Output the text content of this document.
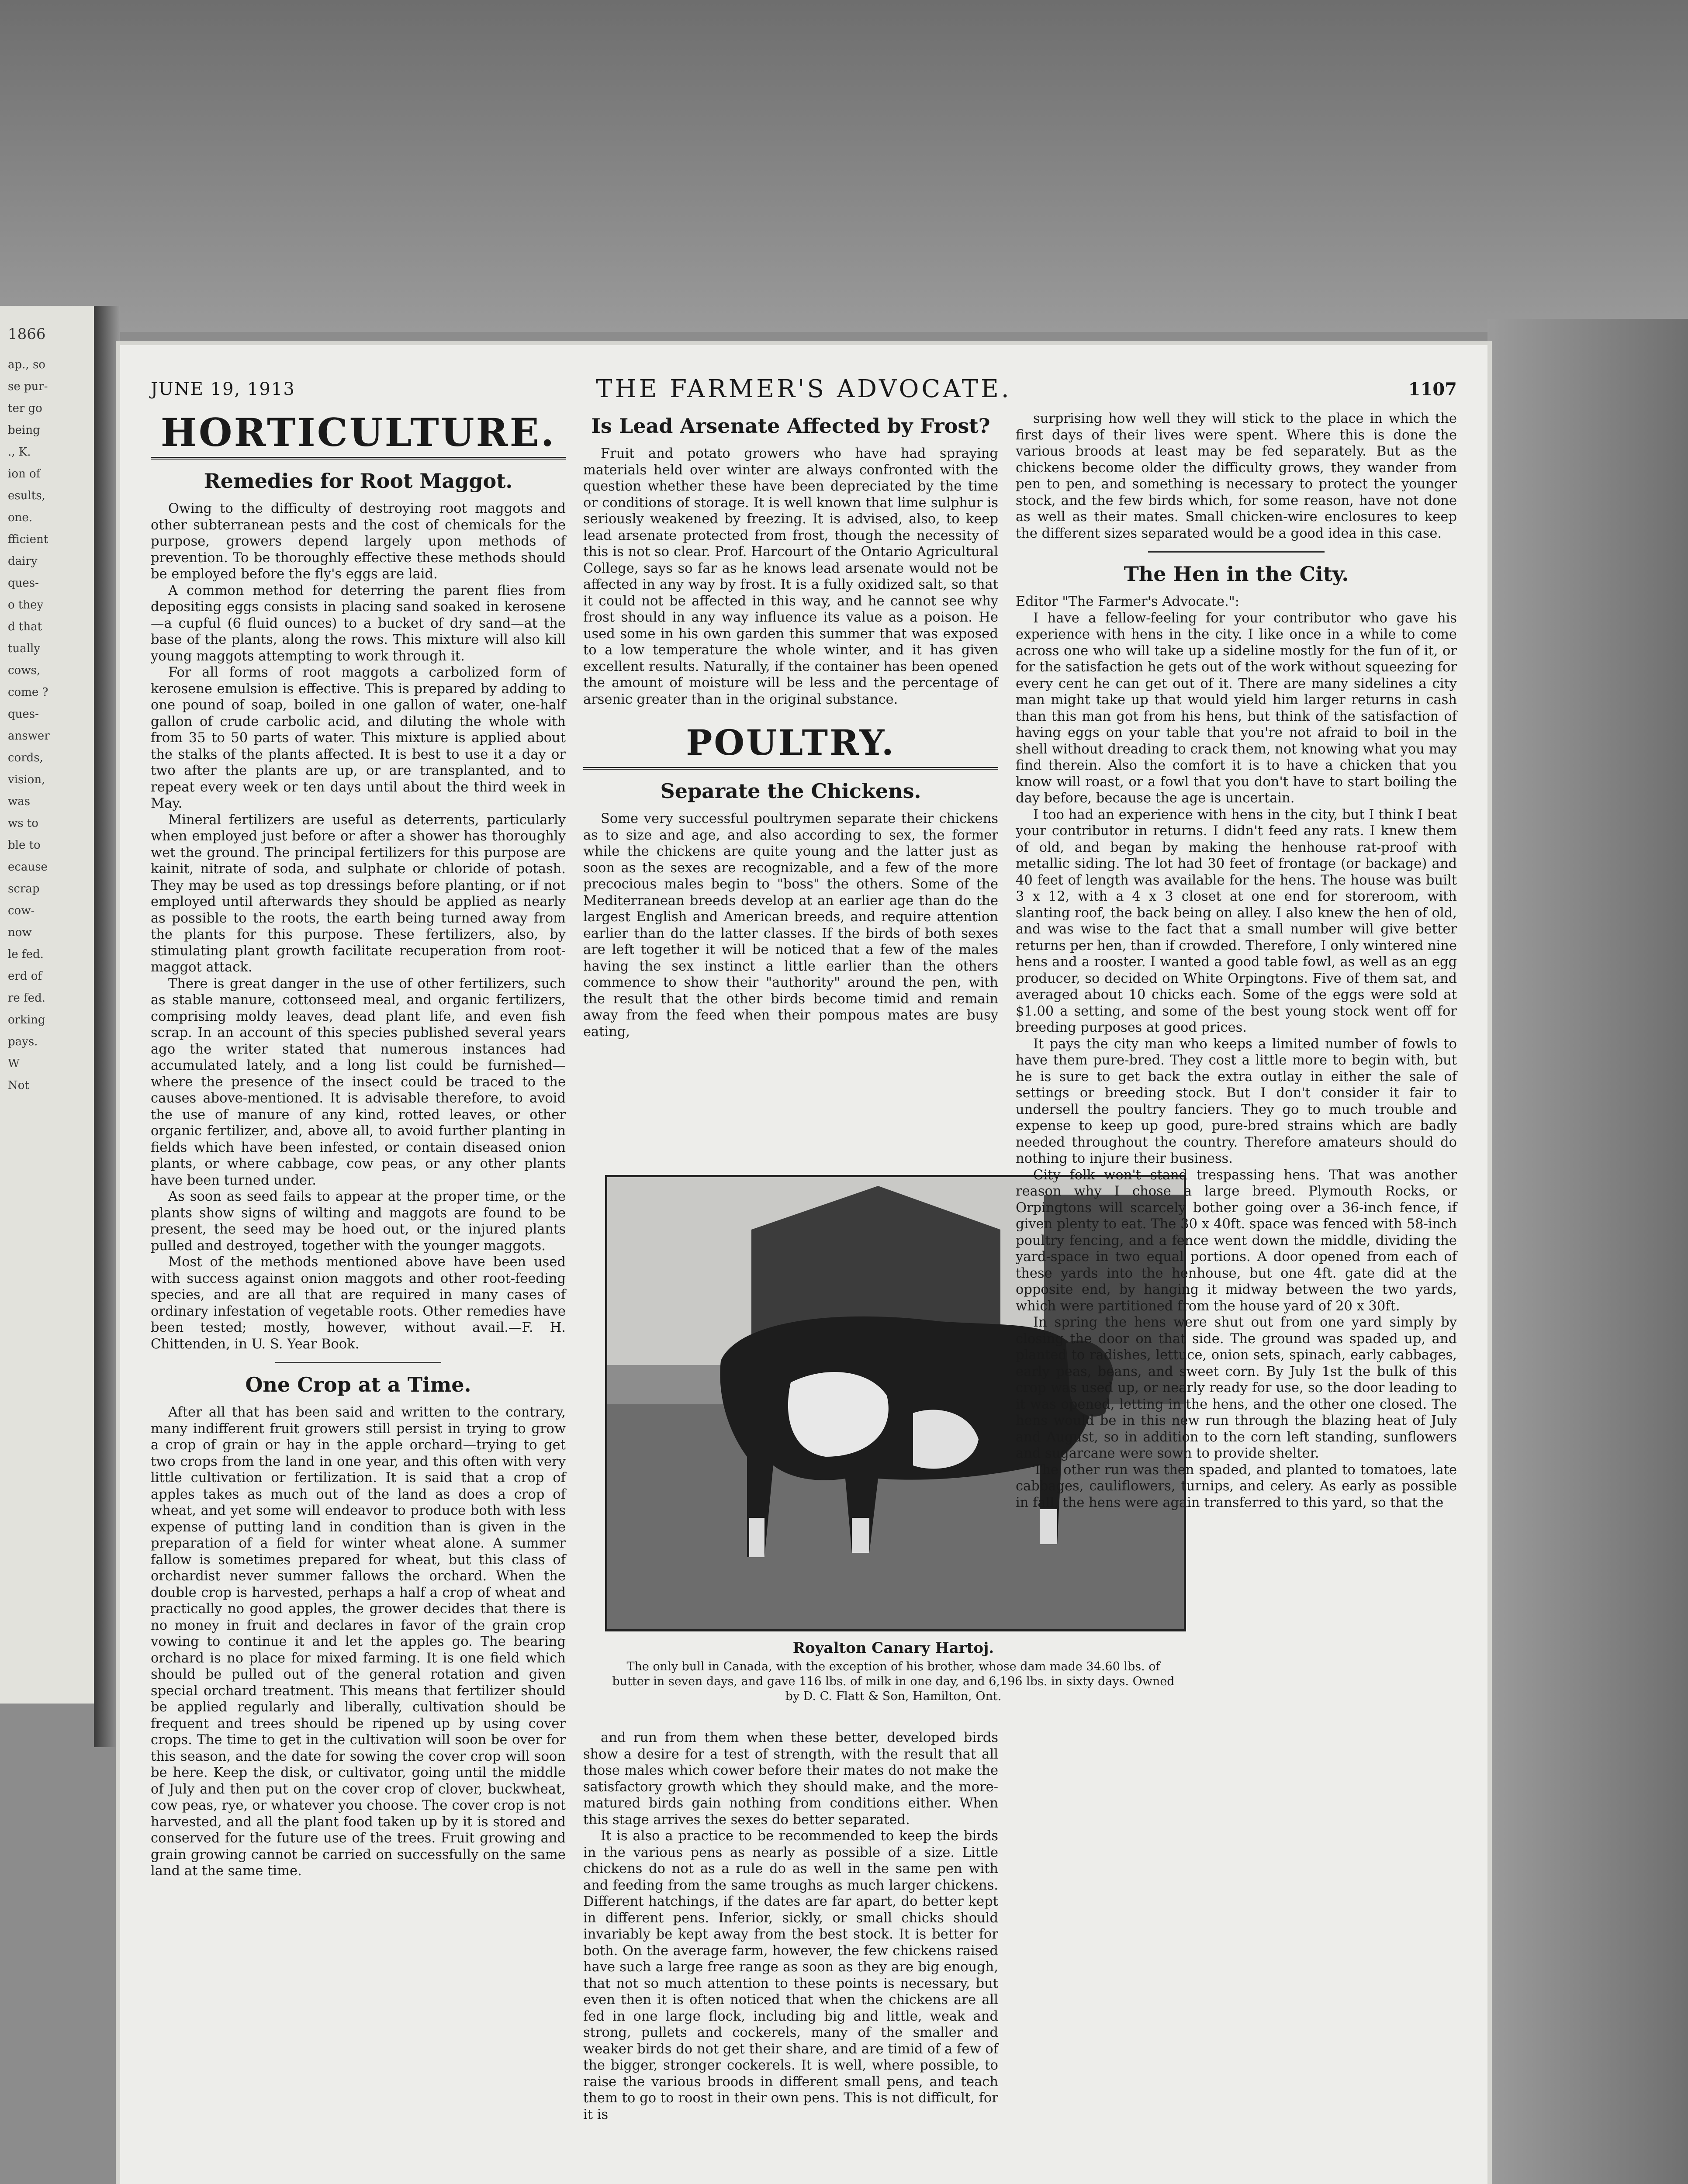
1866
ap., so
se pur-
ter go
being
., K.
ion of
esults,
one.
fficient
dairy
ques-
o they
d that
tually
cows,
come ?
ques-
answer
cords,
vision,
was
ws to
ble to
ecause
scrap
cow-
now
le fed.
erd of
re fed.
orking
pays.
W
Not
JUNE 19, 1913	THE FARMER'S ADVOCATE.	1107
HORTICULTURE.
Remedies for Root Maggot.

Owing to the difficulty of destroying root maggots and other subterranean pests and the cost of chemicals for the purpose, growers depend largely upon methods of prevention. To be thoroughly effective these methods should be employed before the fly's eggs are laid.

A common method for deterring the parent flies from depositing eggs consists in placing sand soaked in kerosene—a cupful (6 fluid ounces) to a bucket of dry sand—at the base of the plants, along the rows. This mixture will also kill young maggots attempting to work through it.

For all forms of root maggots a carbolized form of kerosene emulsion is effective. This is prepared by adding to one pound of soap, boiled in one gallon of water, one-half gallon of crude carbolic acid, and diluting the whole with from 35 to 50 parts of water. This mixture is applied about the stalks of the plants affected. It is best to use it a day or two after the plants are up, or are transplanted, and to repeat every week or ten days until about the third week in May.

Mineral fertilizers are useful as deterrents, particularly when employed just before or after a shower has thoroughly wet the ground. The principal fertilizers for this purpose are kainit, nitrate of soda, and sulphate or chloride of potash. They may be used as top dressings before planting, or if not employed until afterwards they should be applied as nearly as possible to the roots, the earth being turned away from the plants for this purpose. These fertilizers, also, by stimulating plant growth facilitate recuperation from root-maggot attack.

There is great danger in the use of other fertilizers, such as stable manure, cottonseed meal, and organic fertilizers, comprising moldy leaves, dead plant life, and even fish scrap. In an account of this species published several years ago the writer stated that numerous instances had accumulated lately, and a long list could be furnished—where the presence of the insect could be traced to the causes above-mentioned. It is advisable therefore, to avoid the use of manure of any kind, rotted leaves, or other organic fertilizer, and, above all, to avoid further planting in fields which have been infested, or contain diseased onion plants, or where cabbage, cow peas, or any other plants have been turned under.

As soon as seed fails to appear at the proper time, or the plants show signs of wilting and maggots are found to be present, the seed may be hoed out, or the injured plants pulled and destroyed, together with the younger maggots.

Most of the methods mentioned above have been used with success against onion maggots and other root-feeding species, and are all that are required in many cases of ordinary infestation of vegetable roots. Other remedies have been tested; mostly, however, without avail.—F. H. Chittenden, in U. S. Year Book.

One Crop at a Time.

After all that has been said and written to the contrary, many indifferent fruit growers still persist in trying to grow a crop of grain or hay in the apple orchard—trying to get two crops from the land in one year, and this often with very little cultivation or fertilization. It is said that a crop of apples takes as much out of the land as does a crop of wheat, and yet some will endeavor to produce both with less expense of putting land in condition than is given in the preparation of a field for winter wheat alone. A summer fallow is sometimes prepared for wheat, but this class of orchardist never summer fallows the orchard. When the double crop is harvested, perhaps a half a crop of wheat and practically no good apples, the grower decides that there is no money in fruit and declares in favor of the grain crop vowing to continue it and let the apples go. The bearing orchard is no place for mixed farming. It is one field which should be pulled out of the general rotation and given special orchard treatment. This means that fertilizer should be applied regularly and liberally, cultivation should be frequent and trees should be ripened up by using cover crops. The time to get in the cultivation will soon be over for this season, and the date for sowing the cover crop will soon be here. Keep the disk, or cultivator, going until the middle of July and then put on the cover crop of clover, buckwheat, cow peas, rye, or whatever you choose. The cover crop is not harvested, and all the plant food taken up by it is stored and conserved for the future use of the trees. Fruit growing and grain growing cannot be carried on successfully on the same land at the same time.

Is Lead Arsenate Affected by Frost?

Fruit and potato growers who have had spraying materials held over winter are always confronted with the question whether these have been depreciated by the time or conditions of storage. It is well known that lime sulphur is seriously weakened by freezing. It is advised, also, to keep lead arsenate protected from frost, though the necessity of this is not so clear. Prof. Harcourt of the Ontario Agricultural College, says so far as he knows lead arsenate would not be affected in any way by frost. It is a fully oxidized salt, so that it could not be affected in this way, and he cannot see why frost should in any way influence its value as a poison. He used some in his own garden this summer that was exposed to a low temperature the whole winter, and it has given excellent results. Naturally, if the container has been opened the amount of moisture will be less and the percentage of arsenic greater than in the original substance.

POULTRY.
Separate the Chickens.

Some very successful poultrymen separate their chickens as to size and age, and also according to sex, the former while the chickens are quite young and the latter just as soon as the sexes are recognizable, and a few of the more precocious males begin to "boss" the others. Some of the Mediterranean breeds develop at an earlier age than do the largest English and American breeds, and require attention earlier than do the latter classes. If the birds of both sexes are left together it will be noticed that a few of the males having the sex instinct a little earlier than the others commence to show their "authority" around the pen, with the result that the other birds become timid and remain away from the feed when their pompous mates are busy eating,

Royalton Canary Hartoj.
The only bull in Canada, with the exception of his brother, whose dam made 34.60 lbs. of butter in seven days, and gave 116 lbs. of milk in one day, and 6,196 lbs. in sixty days. Owned by D. C. Flatt & Son, Hamilton, Ont.

and run from them when these better, developed birds show a desire for a test of strength, with the result that all those males which cower before their mates do not make the satisfactory growth which they should make, and the more-matured birds gain nothing from conditions either. When this stage arrives the sexes do better separated.

It is also a practice to be recommended to keep the birds in the various pens as nearly as possible of a size. Little chickens do not as a rule do as well in the same pen with and feeding from the same troughs as much larger chickens. Different hatchings, if the dates are far apart, do better kept in different pens. Inferior, sickly, or small chicks should invariably be kept away from the best stock. It is better for both. On the average farm, however, the few chickens raised have such a large free range as soon as they are big enough, that not so much attention to these points is necessary, but even then it is often noticed that when the chickens are all fed in one large flock, including big and little, weak and strong, pullets and cockerels, many of the smaller and weaker birds do not get their share, and are timid of a few of the bigger, stronger cockerels. It is well, where possible, to raise the various broods in different small pens, and teach them to go to roost in their own pens. This is not difficult, for it is

surprising how well they will stick to the place in which the first days of their lives were spent. Where this is done the various broods at least may be fed separately. But as the chickens become older the difficulty grows, they wander from pen to pen, and something is necessary to protect the younger stock, and the few birds which, for some reason, have not done as well as their mates. Small chicken-wire enclosures to keep the different sizes separated would be a good idea in this case.

The Hen in the City.

Editor "The Farmer's Advocate.":

I have a fellow-feeling for your contributor who gave his experience with hens in the city. I like once in a while to come across one who will take up a sideline mostly for the fun of it, or for the satisfaction he gets out of the work without squeezing for every cent he can get out of it. There are many sidelines a city man might take up that would yield him larger returns in cash than this man got from his hens, but think of the satisfaction of having eggs on your table that you're not afraid to boil in the shell without dreading to crack them, not knowing what you may find therein. Also the comfort it is to have a chicken that you know will roast, or a fowl that you don't have to start boiling the day before, because the age is uncertain.

I too had an experience with hens in the city, but I think I beat your contributor in returns. I didn't feed any rats. I knew them of old, and began by making the henhouse rat-proof with metallic siding. The lot had 30 feet of frontage (or backage) and 40 feet of length was available for the hens. The house was built 3 x 12, with a 4 x 3 closet at one end for storeroom, with slanting roof, the back being on alley. I also knew the hen of old, and was wise to the fact that a small number will give better returns per hen, than if crowded. Therefore, I only wintered nine hens and a rooster. I wanted a good table fowl, as well as an egg producer, so decided on White Orpingtons. Five of them sat, and averaged about 10 chicks each. Some of the eggs were sold at $1.00 a setting, and some of the best young stock went off for breeding purposes at good prices.

It pays the city man who keeps a limited number of fowls to have them pure-bred. They cost a little more to begin with, but he is sure to get back the extra outlay in either the sale of settings or breeding stock. But I don't consider it fair to undersell the poultry fanciers. They go to much trouble and expense to keep up good, pure-bred strains which are badly needed throughout the country. Therefore amateurs should do nothing to injure their business.

City folk won't stand trespassing hens. That was another reason why I chose a large breed. Plymouth Rocks, or Orpingtons will scarcely bother going over a 36-inch fence, if given plenty to eat. The 30 x 40ft. space was fenced with 58-inch poultry fencing, and a fence went down the middle, dividing the yard-space in two equal portions. A door opened from each of these yards into the henhouse, but one 4ft. gate did at the opposite end, by hanging it midway between the two yards, which were partitioned from the house yard of 20 x 30ft.

In spring the hens were shut out from one yard simply by closing the door on that side. The ground was spaded up, and planted to radishes, lettuce, onion sets, spinach, early cabbages, early peas, beans, and sweet corn. By July 1st the bulk of this crop was used up, or nearly ready for use, so the door leading to it was opened, letting in the hens, and the other one closed. The hens would be in this new run through the blazing heat of July and August, so in addition to the corn left standing, sunflowers and sugarcane were sown to provide shelter.

The other run was then spaded, and planted to tomatoes, late cabbages, cauliflowers, turnips, and celery. As early as possible in fall, the hens were again transferred to this yard, so that the
